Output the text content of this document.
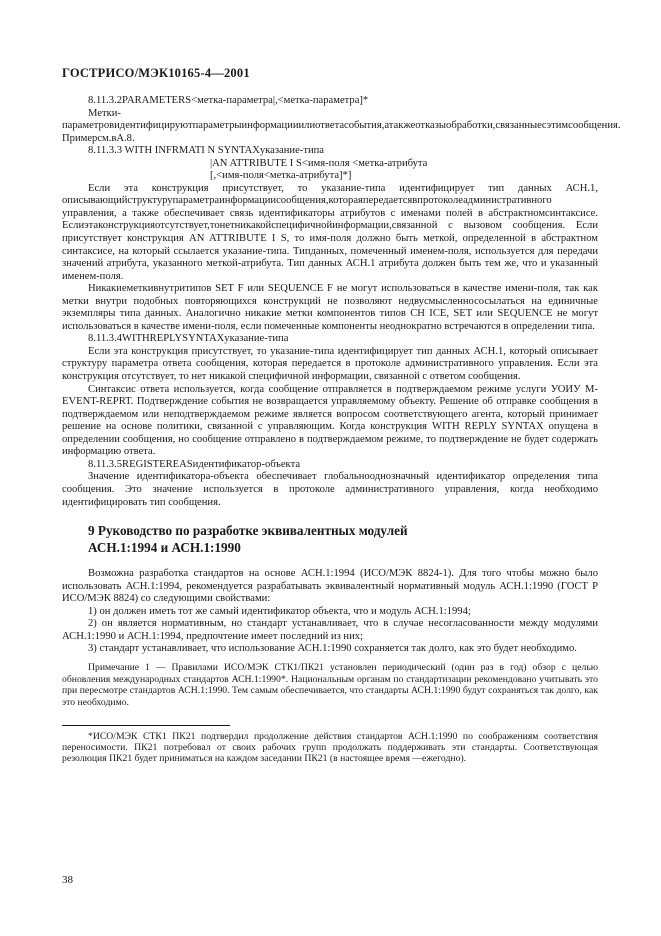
ГОСТРИСО/МЭК10165-4—2001

8.11.3.2PARAMETERS<метка-параметра|,<метка-параметра]*

Метки-параметровидентифицируютпараметрыинформацииилиответасобытия,атакжеотказыобработки,связанныеcэтимсообщения. Примерсм.вА.8.

8.11.3.3 WITH INFRMATI N SYNTAXуказание-типа

|AN ATTRIBUTE I S<имя-поля <метка-атрибута

[,<имя-поля<метка-атрибута]*]

Если эта конструкция присутствует, то указание-типа идентифицирует тип данных АСН.1, описывающийструктурупараметраинформациисообщения,котораяпередаетсявпротоколеадминистративного управления, а также обеспечивает связь идентификаторы атрибутов с именами полей в абстрактномсинтаксисе. Еслиэтаконструкцияотсутствует,тонетникакойспецифичнойинформации,связанной с вызовом сообщения. Если присутствует конструкция AN ATTRIBUTE I S, то имя-поля должно быть меткой, определенной в абстрактном синтаксисе, на который ссылается указание-типа. Типданных, помеченный именем-поля, используется для передачи значений атрибута, указанного меткой-атрибута. Тип данных АСН.1 атрибута должен быть тем же, что и указанный именем-поля.

Никакиеметкивнутритипов SET F или SEQUENCE F не могут использоваться в качестве имени-поля, так как метки внутри подобных повторяющихся конструкций не позволяют недвусмысленнососылаться на единичные экземпляры типа данных. Аналогично никакие метки компонентов типов CH ICE, SET или SEQUENCE не могут использоваться в качестве имени-поля, если помеченные компоненты неоднократно встречаются в определении типа.

8.11.3.4WITHREPLYSYNTAXуказание-типа

Если эта конструкция присутствует, то указание-типа идентифицирует тип данных АСН.1, который описывает структуру параметра ответа сообщения, которая передается в протоколе административного управления. Если эта конструкция отсутствует, то нет никакой специфичной информации, связанной с ответом сообщения.

Синтаксис ответа используется, когда сообщение отправляется в подтверждаемом режиме услуги УОИУ M-EVENT-REPRT. Подтверждение события не возвращается управляемому объекту. Решение об отправке сообщения в подтверждаемом или неподтверждаемом режиме является вопросом соответствующего агента, который принимает решение на основе политики, связанной с управляющим. Когда конструкция WITH REPLY SYNTAX опущена в определении сообщения, но сообщение отправлено в подтверждаемом режиме, то подтверждение не будет содержать информацию ответа.

8.11.3.5REGISTEREASидентификатор-объекта

Значение идентификатора-объекта обеспечивает глобальнооднозначный идентификатор определения типа сообщения. Это значение используется в протоколе административного управления, когда необходимо идентифицировать тип сообщения.

9 Руководство по разработке эквивалентных модулей
АСН.1:1994 и АСН.1:1990

Возможна разработка стандартов на основе АСН.1:1994 (ИСО/МЭК 8824-1). Для того чтобы можно было использовать АСН.1:1994, рекомендуется разрабатывать эквивалентный нормативный модуль АСН.1:1990 (ГОСТ Р ИСО/МЭК 8824) со следующими свойствами:

1) он должен иметь тот же самый идентификатор объекта, что и модуль АСН.1:1994;

2) он является нормативным, но стандарт устанавливает, что в случае несогласованности между модулями АСН.1:1990 и АСН.1:1994, предпочтение имеет последний из них;

3) стандарт устанавливает, что использование АСН.1:1990 сохраняется так долго, как это будет необходимо.

Примечание 1 — Правилами ИСО/МЭК СТК1/ПК21 установлен периодический (один раз в год) обзор с целью обновления международных стандартов АСН.1:1990*. Национальным органам по стандартизации рекомендовано учитывать это при пересмотре стандартов АСН.1:1990. Тем самым обеспечивается, что стандарты АСН.1:1990 будут сохраняться так долго, как это необходимо.

*ИСО/МЭК СТК1 ПК21 подтвердил продолжение действия стандартов АСН.1:1990 по соображениям соответствия переносимости. ПК21 потребовал от своих рабочих групп продолжать поддерживать эти стандарты. Соответствующая резолюция ПК21 будет приниматься на каждом заседании ПК21 (в настоящее время —ежегодно).

38
